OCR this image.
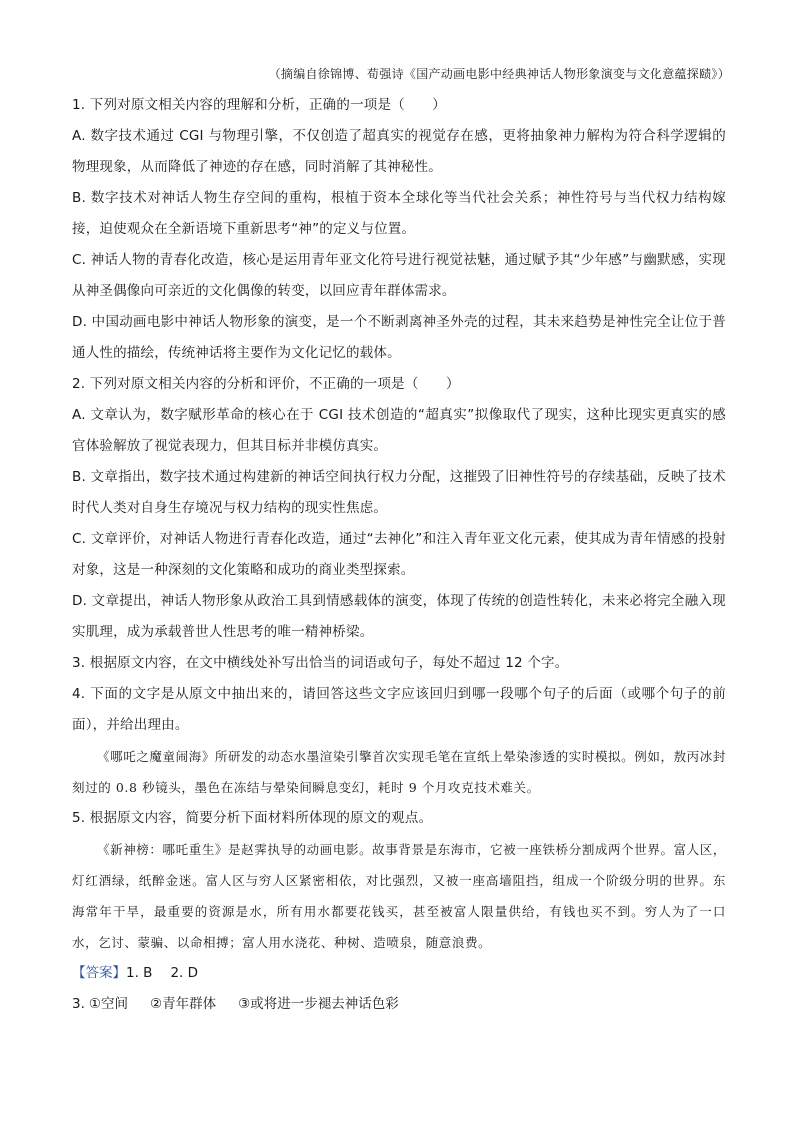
（摘编自徐锦博、荀强诗《国产动画电影中经典神话人物形象演变与文化意蕴探赜》）

1. 下列对原文相关内容的理解和分析，正确的一项是（　　）

A. 数字技术通过 CGI 与物理引擎，不仅创造了超真实的视觉存在感，更将抽象神力解构为符合科学逻辑的物理现象，从而降低了神迹的存在感，同时消解了其神秘性。

B. 数字技术对神话人物生存空间的重构，根植于资本全球化等当代社会关系；神性符号与当代权力结构嫁接，迫使观众在全新语境下重新思考“神”的定义与位置。

C. 神话人物的青春化改造，核心是运用青年亚文化符号进行视觉祛魅，通过赋予其“少年感”与幽默感，实现从神圣偶像向可亲近的文化偶像的转变，以回应青年群体需求。

D. 中国动画电影中神话人物形象的演变，是一个不断剥离神圣外壳的过程，其未来趋势是神性完全让位于普通人性的描绘，传统神话将主要作为文化记忆的载体。

2. 下列对原文相关内容的分析和评价，不正确的一项是（　　）

A. 文章认为，数字赋形革命的核心在于 CGI 技术创造的“超真实”拟像取代了现实，这种比现实更真实的感官体验解放了视觉表现力，但其目标并非模仿真实。

B. 文章指出，数字技术通过构建新的神话空间执行权力分配，这摧毁了旧神性符号的存续基础，反映了技术时代人类对自身生存境况与权力结构的现实性焦虑。

C. 文章评价，对神话人物进行青春化改造，通过“去神化”和注入青年亚文化元素，使其成为青年情感的投射对象，这是一种深刻的文化策略和成功的商业类型探索。

D. 文章提出，神话人物形象从政治工具到情感载体的演变，体现了传统的创造性转化，未来必将完全融入现实肌理，成为承载普世人性思考的唯一精神桥梁。

3. 根据原文内容，在文中横线处补写出恰当的词语或句子，每处不超过 12 个字。

4. 下面的文字是从原文中抽出来的，请回答这些文字应该回归到哪一段哪个句子的后面（或哪个句子的前面），并给出理由。

《哪吒之魔童闹海》所研发的动态水墨渲染引擎首次实现毛笔在宣纸上晕染渗透的实时模拟。例如，敖丙冰封刻过的 0.8 秒镜头，墨色在冻结与晕染间瞬息变幻，耗时 9 个月攻克技术难关。

5. 根据原文内容，简要分析下面材料所体现的原文的观点。

《新神榜：哪吒重生》是赵霁执导的动画电影。故事背景是东海市，它被一座铁桥分割成两个世界。富人区，灯红酒绿，纸醉金迷。富人区与穷人区紧密相依，对比强烈，又被一座高墙阻挡，组成一个阶级分明的世界。东海常年干旱，最重要的资源是水，所有用水都要花钱买，甚至被富人限量供给，有钱也买不到。穷人为了一口水，乞讨、蒙骗、以命相搏；富人用水浇花、种树、造喷泉，随意浪费。

【答案】1. B 2. D

3. ①空间 ②青年群体 ③或将进一步褪去神话色彩
